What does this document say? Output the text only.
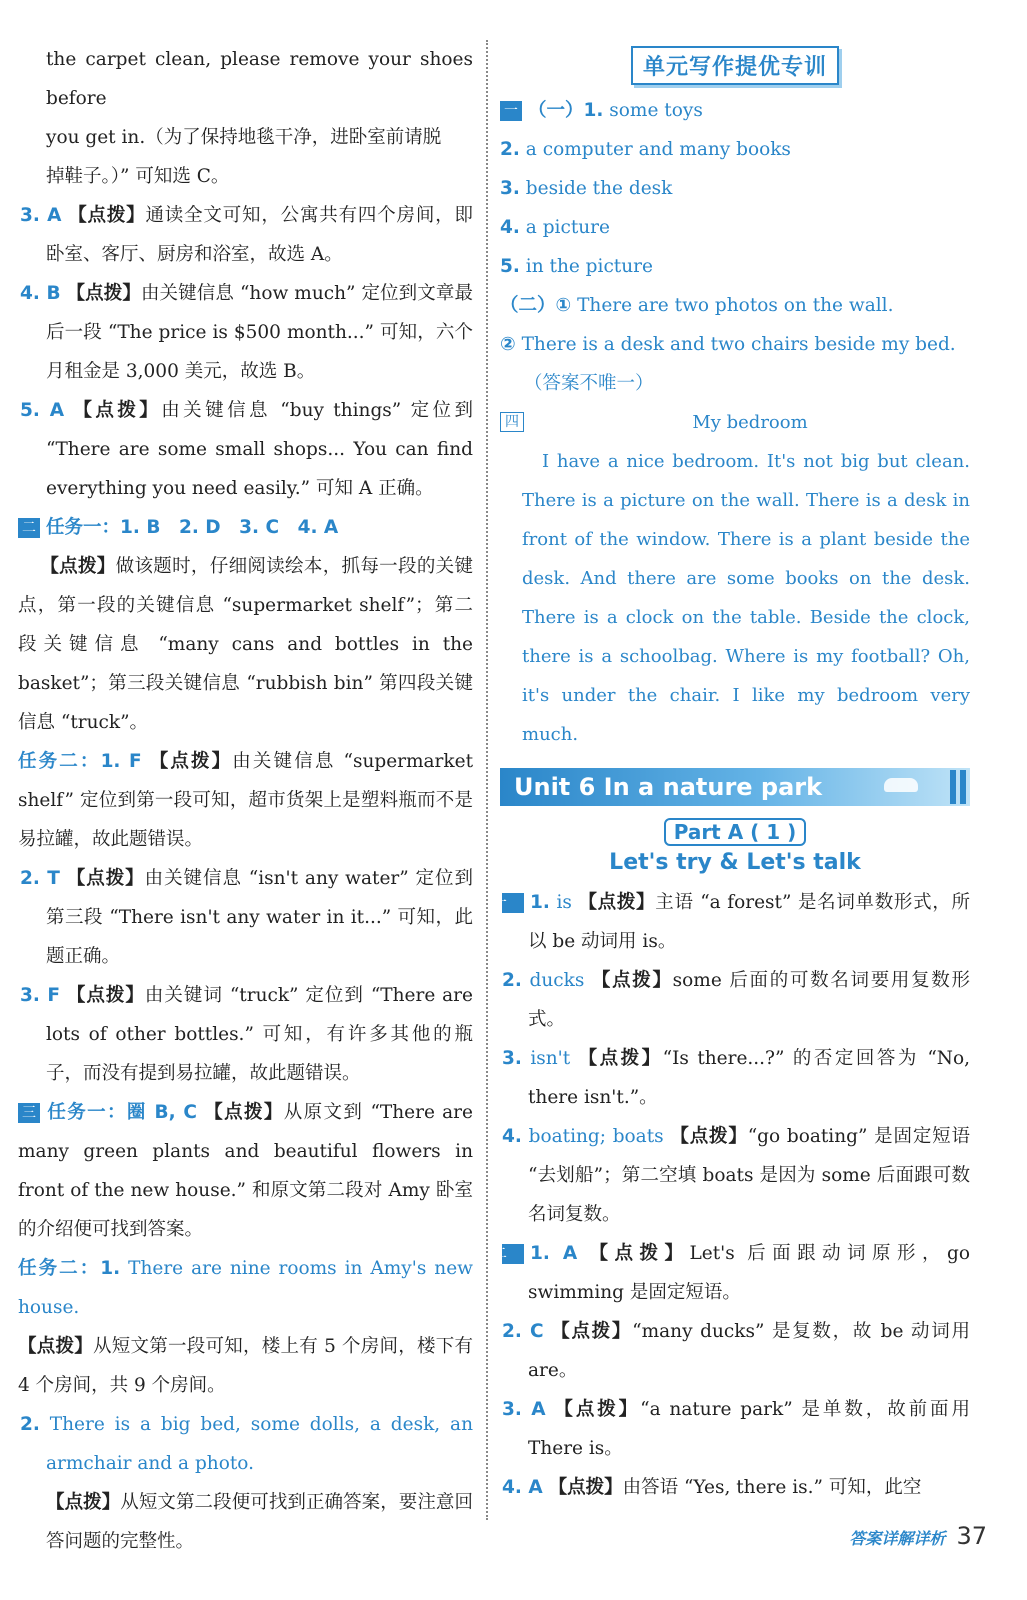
the carpet clean, please remove your shoes before
you get in.（为了保持地毯干净，进卧室前请脱
掉鞋子。）” 可知选 C。

3. A 【点拨】通读全文可知，公寓共有四个房间，即卧室、客厅、厨房和浴室，故选 A。

4. B 【点拨】由关键信息 “how much” 定位到文章最后一段 “The price is $500 month...” 可知，六个月租金是 3,000 美元，故选 B。

5. A 【点拨】由关键信息 “buy things” 定位到 “There are some small shops... You can find everything you need easily.” 可知 A 正确。

二 任务一：1. B　2. D　3. C　4. A
【点拨】做该题时，仔细阅读绘本，抓每一段的关键点，第一段的关键信息 “supermarket shelf”；第二段关键信息 “many cans and bottles in the basket”；第三段关键信息 “rubbish bin” 第四段关键信息 “truck”。

任务二：1. F 【点拨】由关键信息 “supermarket shelf” 定位到第一段可知，超市货架上是塑料瓶而不是易拉罐，故此题错误。

2. T 【点拨】由关键信息 “isn't any water” 定位到第三段 “There isn't any water in it...” 可知，此题正确。

3. F 【点拨】由关键词 “truck” 定位到 “There are lots of other bottles.” 可知，有许多其他的瓶子，而没有提到易拉罐，故此题错误。

三 任务一：圈 B, C 【点拨】从原文到 “There are many green plants and beautiful flowers in front of the new house.” 和原文第二段对 Amy 卧室的介绍便可找到答案。

任务二：1. There are nine rooms in Amy's new house.
【点拨】从短文第一段可知，楼上有 5 个房间，楼下有 4 个房间，共 9 个房间。

2. There is a big bed, some dolls, a desk, an armchair and a photo.
【点拨】从短文第二段便可找到正确答案，要注意回答问题的完整性。

单元写作提优专训

一 （一）1. some toys
2. a computer and many books
3. beside the desk
4. a picture
5. in the picture

（二）① There are two photos on the wall.
② There is a desk and two chairs beside my bed.
（答案不唯一）

四	My bedroom

I have a nice bedroom. It's not big but clean. There is a picture on the wall. There is a desk in front of the window. There is a plant beside the desk. And there are some books on the desk. There is a clock on the table. Beside the clock, there is a schoolbag. Where is my football? Oh, it's under the chair. I like my bedroom very much.

Unit 6 In a nature park
Part A ( 1 )
Let's try & Let's talk

一 1. is 【点拨】主语 “a forest” 是名词单数形式，所以 be 动词用 is。

2. ducks 【点拨】some 后面的可数名词要用复数形式。

3. isn't 【点拨】“Is there...?” 的否定回答为 “No, there isn't.”。

4. boating; boats 【点拨】“go boating” 是固定短语 “去划船”；第二空填 boats 是因为 some 后面跟可数名词复数。

二 1. A 【点拨】Let's 后面跟动词原形，go swimming 是固定短语。

2. C 【点拨】“many ducks” 是复数，故 be 动词用 are。

3. A 【点拨】“a nature park” 是单数，故前面用 There is。

4. A 【点拨】由答语 “Yes, there is.” 可知，此空

答案详解详析 37
